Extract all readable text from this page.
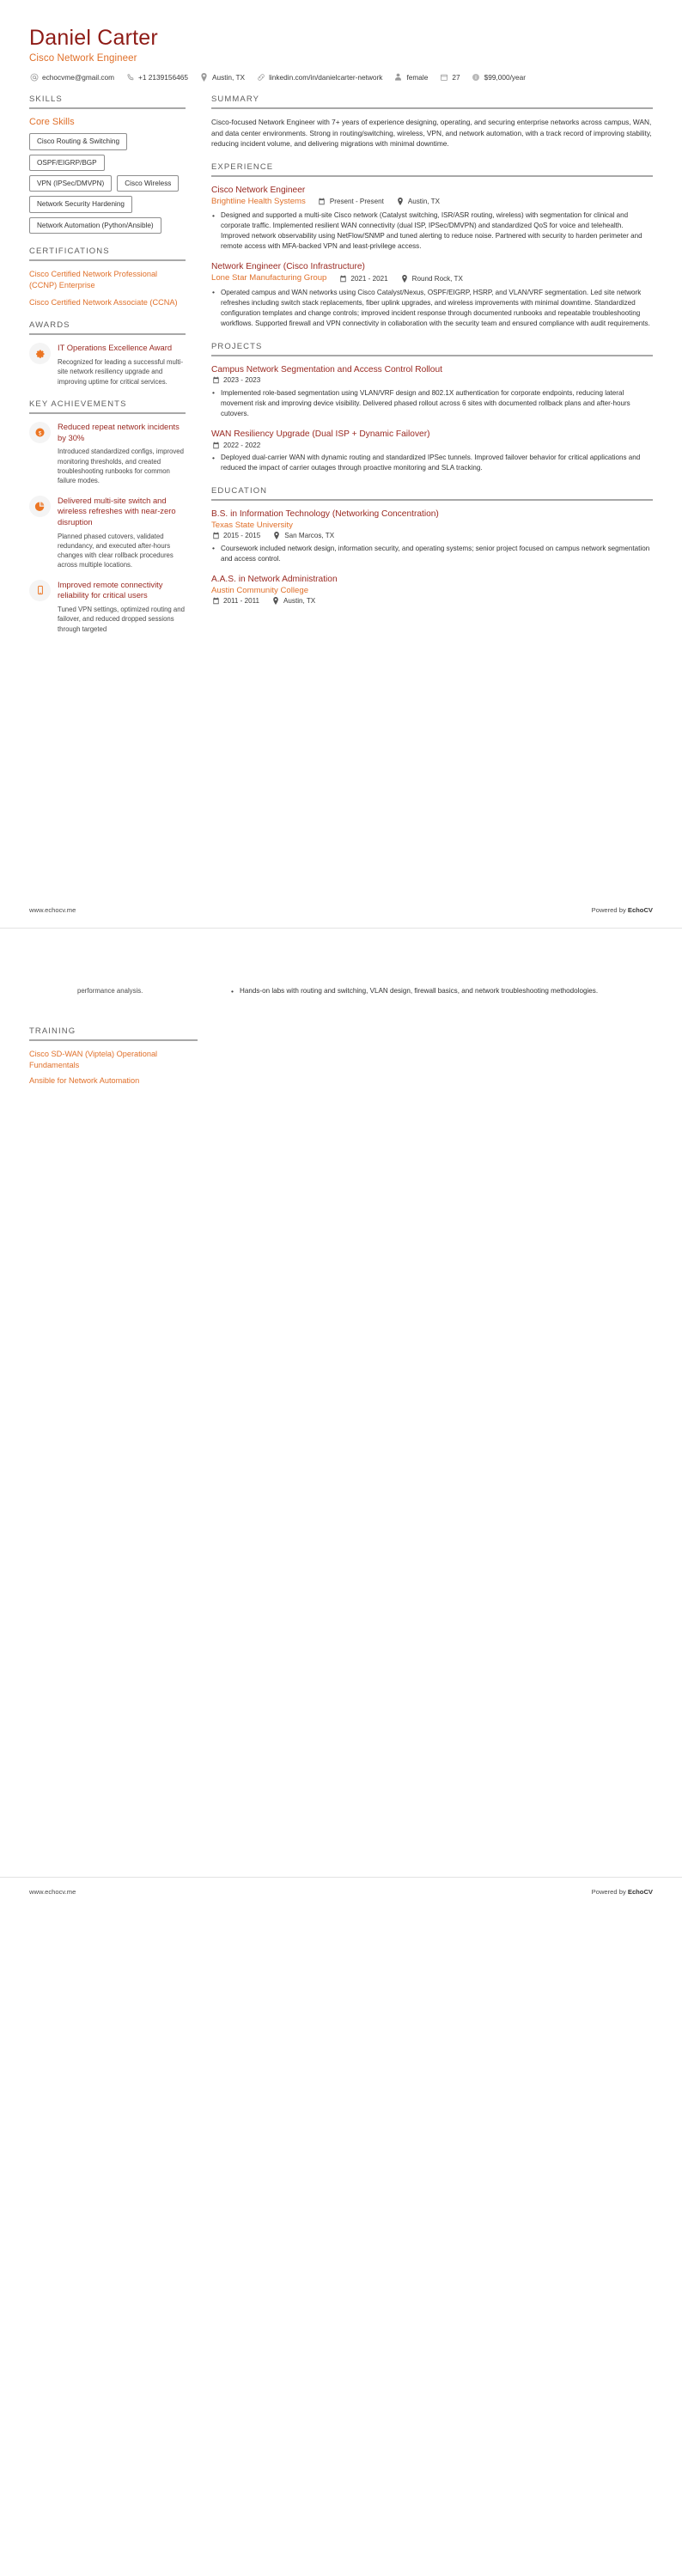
Daniel Carter
Cisco Network Engineer
echocvme@gmail.com	+1 2139156465	Austin, TX	linkedin.com/in/danielcarter-network	female	27	$99,000/year
SKILLS
Core Skills
Cisco Routing & Switching
OSPF/EIGRP/BGP
VPN (IPSec/DMVPN)	Cisco Wireless
Network Security Hardening
Network Automation (Python/Ansible)
CERTIFICATIONS
Cisco Certified Network Professional (CCNP) Enterprise
Cisco Certified Network Associate (CCNA)
AWARDS
IT Operations Excellence Award
Recognized for leading a successful multi-site network resiliency upgrade and improving uptime for critical services.
KEY ACHIEVEMENTS
$
Reduced repeat network incidents by 30%
Introduced standardized configs, improved monitoring thresholds, and created troubleshooting runbooks for common failure modes.
Delivered multi-site switch and wireless refreshes with near-zero disruption
Planned phased cutovers, validated redundancy, and executed after-hours changes with clear rollback procedures across multiple locations.
Improved remote connectivity reliability for critical users
Tuned VPN settings, optimized routing and failover, and reduced dropped sessions through targeted
SUMMARY
Cisco-focused Network Engineer with 7+ years of experience designing, operating, and securing enterprise networks across campus, WAN, and data center environments. Strong in routing/switching, wireless, VPN, and network automation, with a track record of improving stability, reducing incident volume, and delivering migrations with minimal downtime.
EXPERIENCE
Cisco Network Engineer
Brightline Health Systems	Present - Present	Austin, TX
• Designed and supported a multi-site Cisco network (Catalyst switching, ISR/ASR routing, wireless) with segmentation for clinical and corporate traffic. Implemented resilient WAN connectivity (dual ISP, IPSec/DMVPN) and standardized QoS for voice and telehealth. Improved network observability using NetFlow/SNMP and tuned alerting to reduce noise. Partnered with security to harden perimeter and remote access with MFA-backed VPN and least-privilege access.
Network Engineer (Cisco Infrastructure)
Lone Star Manufacturing Group	2021 - 2021	Round Rock, TX
• Operated campus and WAN networks using Cisco Catalyst/Nexus, OSPF/EIGRP, HSRP, and VLAN/VRF segmentation. Led site network refreshes including switch stack replacements, fiber uplink upgrades, and wireless improvements with minimal downtime. Standardized configuration templates and change controls; improved incident response through documented runbooks and repeatable troubleshooting workflows. Supported firewall and VPN connectivity in collaboration with the security team and ensured compliance with audit requirements.
PROJECTS
Campus Network Segmentation and Access Control Rollout
2023 - 2023
• Implemented role-based segmentation using VLAN/VRF design and 802.1X authentication for corporate endpoints, reducing lateral movement risk and improving device visibility. Delivered phased rollout across 6 sites with documented rollback plans and after-hours cutovers.
WAN Resiliency Upgrade (Dual ISP + Dynamic Failover)
2022 - 2022
• Deployed dual-carrier WAN with dynamic routing and standardized IPSec tunnels. Improved failover behavior for critical applications and reduced the impact of carrier outages through proactive monitoring and SLA tracking.
EDUCATION
B.S. in Information Technology (Networking Concentration)
Texas State University
2015 - 2015	San Marcos, TX
• Coursework included network design, information security, and operating systems; senior project focused on campus network segmentation and access control.
A.A.S. in Network Administration
Austin Community College
2011 - 2011	Austin, TX
www.echocv.me	Powered by EchoCV
performance analysis.	• Hands-on labs with routing and switching, VLAN design, firewall basics, and network troubleshooting methodologies.
TRAINING
Cisco SD-WAN (Viptela) Operational Fundamentals
Ansible for Network Automation
www.echocv.me	Powered by EchoCV
